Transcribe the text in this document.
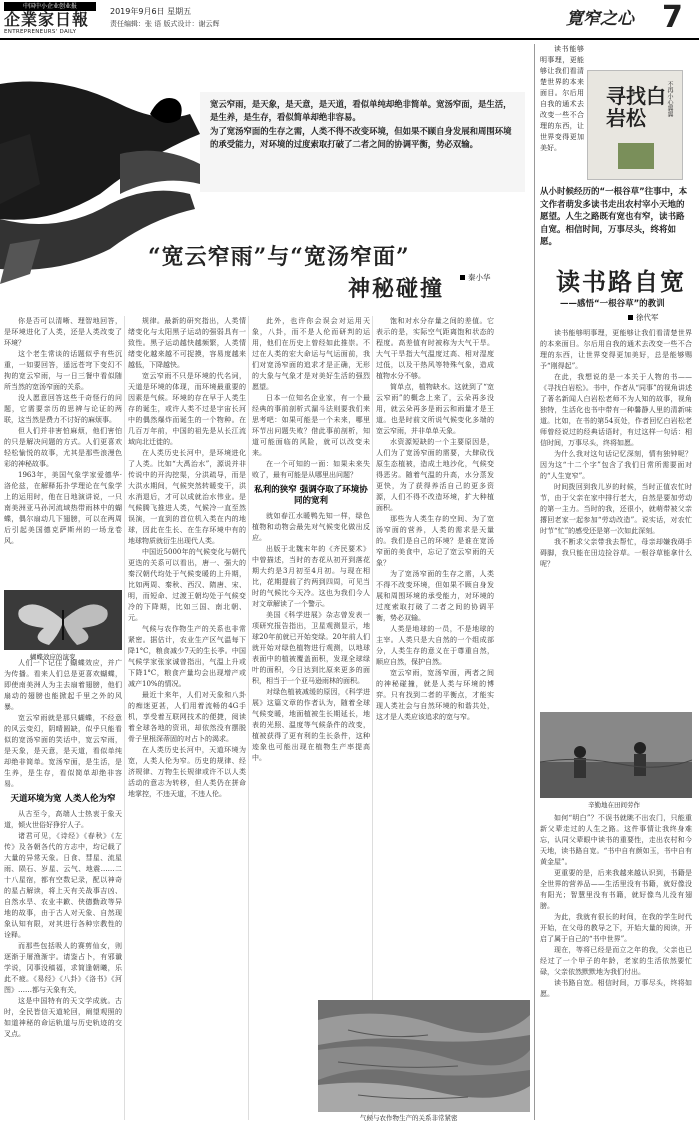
中国中小企业创业报
企業家日報
ENTREPRENEURS' DAILY
2019年9月6日 星期五
责任编辑：张 语 版式设计：谢云辉	寛窄之心 7

宽云窄雨，是天象，是天意，是天道，看似单纯却绝非简单。宽汤窄面，是生活，是生养，是生存，看似简单却绝非容易。

为了宽汤窄面的生存之需，人类不得不改变环境，但如果不顾自身发展和周围环境的承受能力，对环境的过度索取打破了二者之间的协调平衡，势必双输。

“宽云窄雨”与“宽汤窄面”
神秘碰撞	秦小华

你是否可以清晰、理智地回答，是环境进化了人类，还是人类改变了环境？

这个老生常谈的话题似乎有些沉重，一如要回答，遥远苍穹下变幻不拘的宽云窄雨，与一日三餐中看似随所当然的宽汤窄面的关系。

没人愿意回答这些千奇怪行的问题，它需要亲历的思辨与论证的两联，这当然是费力不讨好的麻烦事。

但人们并非害怕麻烦，他们害怕的只是解决问题的方式。人们更喜欢轻松愉悦的故事，尤其是那些浪漫色彩的神秘故事。

1963年，美国气象学家爱德华·洛伦兹，在解释拓扑学理论在气象学上的运用时，他在日地演讲说，一只南美洲亚马孙河流域热带雨林中的蝴蝶，偶尔扇动几下翅膀，可以在两周后引起美国德克萨斯州的一场龙卷风。

蝴蝶效应的演变

人们一下记住了蝴蝶效应，并广为传播。看来人们总是更喜欢蝴蝶，即使南美洲人为主去扇着翅膀，他们扇动的翅膀也能掀起千里之外的风暴。

宽云窄雨就是那只蝴蝶，不经意的风云变幻，阴晴圆缺，似乎只能看似的宽汤窄面的笑话中，宽云窄雨，是天象，是天意，是天道，看似单纯却绝非简单。宽汤窄面，是生活，是生养，是生存，看似简单却绝非容易。

天道环境为宽 人类人伦为窄

从古至今，高端人士热衷于象天道，倾火世俗好狰狞人子。

诸君可见，《诗经》《春秋》《左传》及各朝各代的方志中，均记载了大量的异常天象。日食、彗星、流星雨、陨石、岁星、云气、地震……二十八星宿，都有空数记录，配以神奇的星占解读，将上天有关战事吉凶、自然水旱、农业丰歉、侠德勤政等异地的故事，由于古人对天象、自然现象认知有限，对其进行各种宗教性的诠释。

而那些包括吸人的赛剪仙女，则逐渐于屠渔渐宇。请鉴占卜，有邪谶学说，冈事没稿福，求简逢朝曦，乐此不疲。《易经》《八卦》《洛书》《河图》……都与天象有关，

这是中国特有的天文学成就。古时，全民皆信天道轮回，阐望观照的如道神秘的命运轨道与历史轨迹的交叉点。

规律。最新的研究指出，人类情绪变化与太阳黑子运动的强弱具有一致性。黑子运动越快越频繁，人类情绪变化越来越不可捉摸，容易度越来越低，下降越快。

宽云窄雨不只是环境的代名词，天道是环境的体现，而环境最重要的因素是气候。环境的存在早于人类生存的诞生，或许人类不过是宇宙长河中的偶然爆炸而诞生的一个物种。在几百万年前，中国的祖先是从长江流域向北迁徙的。

在人类历史长河中，是环境进化了人类。比如“大禹治水”，源说并非传说中的开沟挖渠，分洪疏导，而是大洪水期间，气候突然转暖变干，洪水消退后，才可以成就治水伟业。是气候腾飞推进人类，气候冷一直至然误演，一直到的首位机入类在内的地球，因此在生长、在生存环境中有的地球物质就衍生出现代人类。

中国近5000年的气候变化与朝代更迭的关系可以看出，唐一、强大的秦汉朝代均处于气候变暖的上升期，比如两周、秦秋、西汉、隋唐、宋、明，而短命、过渡王朝均处于气候变冷的下降期，比如三国、南北朝、元。

气候与农作物生产的关系也非常紧密。据估计，农业生产区气温每下降1°C，粮食减少7天的生长季。中国气候学家张家诚曾指出，气温上升或下降1°C，粮食产量均会出现增产或减产10%的情况。

最近十来年，人们对天象和八卦的痴迷更甚，人们用着流畅的4G手机，享受着互联网技术的便捷，阅读着全球各地的资讯，却依然没有摆脱骨子里根深蒂固的对占卜的渴求。

在人类历史长河中，天道环境为宽，人类人伦为窄。历史的规律、经济规律、万物生长规律或许不以人类活动的意志为转移，但人类仍在拼命地掌控，不违天道，不违人伦。

此外，也许你会误会对运用天象，八卦，而不是人伦而研判的运用，他们在历史上曾经如此推崇。不过在人类的宏大命运与气运面前，我们对宽汤窄面的追求才是正确，无形的大象与气象才是对美好生活的强烈愿望。

日本一位知名企业家，有一个最经典的事前剖析式漏斗法则要我们来思考吧：如果可能是一个未来，哪里环节出问题失败？借此事前剖析，知道可能面临的风险，就可以改变未来。

在一个可知的一面：如果未来失败了，最有可能是从哪里出问题？

私利的狭窄 强调夺取了环境协同的宽利

就如春江水暖鸭先知一样，绿色植物和动物会最先对气候变化做出反应。

出版于北魏末年的《齐民要术》中曾描述，当时的杏花从初开到落花期大约是3月初至4月初。与现在相比，花期提前了约两到四周，可见当时的气候比今天冷。这也为我们今人对文章解读了一个警示。

美国《科学进展》杂志曾发表一项研究报告指出，卫星观测显示，地球20年前就已开始变绿。20年前人们就开始对绿色植物进行观测，以地球表面中的植被覆盖面积，发现全球绿叶的面积，今日达到比原来更多的面积，相当于一个亚马逊雨林的面积。

对绿色植被减缓的原因，《科学进展》这篇文章的作者认为，随着全球气候变暖，地面植被生长期延长，地表的光照、温度等气候条件的改变，植被获得了更有利的生长条件，这种迹象也可能出现在植物生产率提高中。

饱和对水分存量之间的差值。它表示的是，实际空气距离饱和状态的程度。高差值有时被称为大气干旱。大气干旱指大气温度过高、相对湿度过低，以及干热风等特殊气象，造成植物水分不够。

简单点，植物缺水。这就到了“宽云窄雨”的概念上来了，云朵再多没用，就云朵再多是雨云和雨量才是王道。也是时前文所说气候变化多端的宽云窄雨，并非单单天象。

水资源短缺的一个主要原因是，人们为了宽汤窄面的需要，大肆砍伐原生态植被，造成土地沙化，气候变得恶劣。随着气温的升高，水分蒸发更快，为了获得养活自己的更多资源，人们不得不改造环境，扩大种植面积。

那些为人类生存的空间、为了宽汤窄面的营养，人类的需求是天量的。我们是自己的环境？是谁在宽汤窄面的美食中，忘记了宽云窄雨的天象？

为了宽汤窄面的生存之需，人类不得不改变环境，但如果不顾自身发展和周围环境的承受能力，对环境的过度索取打破了二者之间的协调平衡，势必双输。

人类是地球的一员，不是地球的主宰。人类只是大自然的一个组成部分，人类生存的意义在于尊重自然，顺应自然，保护自然。

宽云窄雨，宽汤窄面，两者之间的神秘碰撞，就是人类与环境的博弈。只有找到二者的平衡点，才能实现人类社会与自然环境的和谐共处，这才是人类应该追求的宽与窄。

气候与农作物生产的关系非常紧密
寻找白岩松
不再小心翼翼
读书能够明事理，更能够让我们看清楚世界的本来面目。尔后用自我的通术去改变一些不合理的东西，让世界变得更加美好。
从小时候经历的“一根谷草”往事中，本文作者萌发多读书走出农村宰小天地的愿望。人生之路既有宽也有窄，读书路自宽。相信时间，万事尽头，终将如愿。
读书路自宽
——感悟“一根谷草”的教训
徐代军

读书能够明事理，更能够让我们看清楚世界的本来面目。尔后用自我的通术去改变一些不合理的东西，让世界变得更加美好，总是能够赐予“刚得起”。

在此，我想说的是一本关于人物的书——《寻找白岩松》。书中，作者从“同事”的视角讲述了著名新闻人白岩松老师不为人知的故事，视角独特，生活化也书中带有一种馨静人里的清新味道。比如，在书的第54页处，作者回忆白岩松老师曾经说过的经典话语时，有过这样一句话：相信时间，万事尽头，终将如愿。

为什么我对这句话记忆深刻，情有独钟呢？因为这“十二个字”包含了我们日常所需要面对的“人生宽窄”。

时间拨回到我儿岁的时候，当时正值农忙时节，由于父亲在家中排行老大，自然是要加劳动的第一主力。当时的我，还很小，就萌带被父亲撂回老家一起参加“劳动改造”。说实话，对农忙时节“忙”的感受还是第一次如此深刻。

我不断求父亲带我去帮忙，母亲却嫌我碍手碍脚，我只能在田边捡谷草。一根谷草能拿什么呢？

辛勤地在田间劳作

如何“明白”？不误书就眺不出农门，只能重新父辈走过的人生之路。这件事情让我终身难忘，认同父辈眼中读书的重要性，走出农村和今天地，读书路自宽。“书中自有颜如玉，书中自有黄金屋”。

更重要的是，后来我越来越认识到，书籍是全世界的营养品——生活里没有书籍，就好像没有阳光；智慧里没有书籍，就好像鸟儿没有翅膀。

为此，我就有很长的时间，在我的学生时代开始，在父母的教导之下，开始大量的阅读，开启了属于自己的“书中世界”。

现在，等将已经是而立之年的我，父亲也已经过了一个甲子的年龄，老家的生活依然要忙碌，父亲依然默默地为我们付出。

读书路自宽。相信时间，万事尽头，终将如愿。
